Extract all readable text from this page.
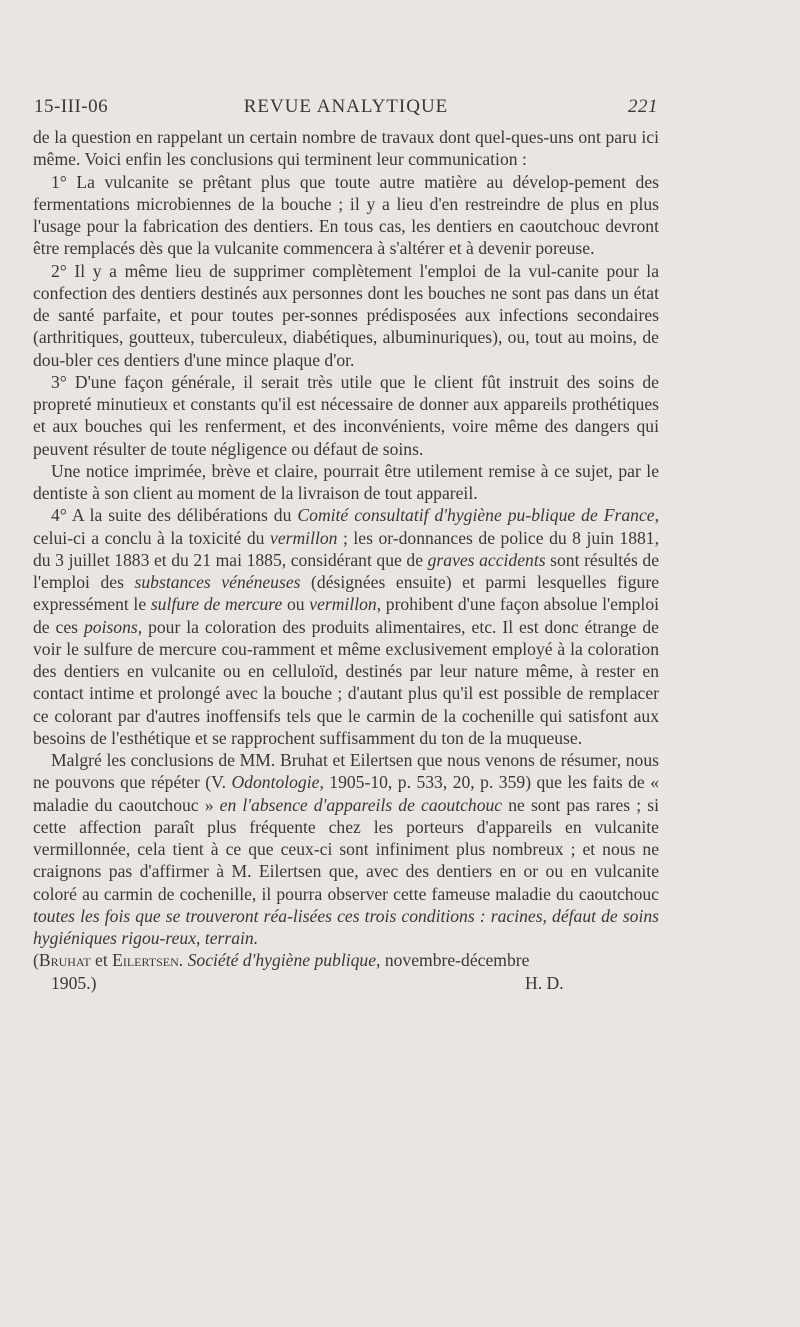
15-III-06	REVUE ANALYTIQUE	221

de la question en rappelant un certain nombre de travaux dont quel-ques-uns ont paru ici même. Voici enfin les conclusions qui terminent leur communication :

1° La vulcanite se prêtant plus que toute autre matière au dévelop-pement des fermentations microbiennes de la bouche ; il y a lieu d'en restreindre de plus en plus l'usage pour la fabrication des dentiers. En tous cas, les dentiers en caoutchouc devront être remplacés dès que la vulcanite commencera à s'altérer et à devenir poreuse.

2° Il y a même lieu de supprimer complètement l'emploi de la vul-canite pour la confection des dentiers destinés aux personnes dont les bouches ne sont pas dans un état de santé parfaite, et pour toutes per-sonnes prédisposées aux infections secondaires (arthritiques, goutteux, tuberculeux, diabétiques, albuminuriques), ou, tout au moins, de dou-bler ces dentiers d'une mince plaque d'or.

3° D'une façon générale, il serait très utile que le client fût instruit des soins de propreté minutieux et constants qu'il est nécessaire de donner aux appareils prothétiques et aux bouches qui les renferment, et des inconvénients, voire même des dangers qui peuvent résulter de toute négligence ou défaut de soins.

Une notice imprimée, brève et claire, pourrait être utilement remise à ce sujet, par le dentiste à son client au moment de la livraison de tout appareil.

4° A la suite des délibérations du Comité consultatif d'hygiène pu-blique de France, celui-ci a conclu à la toxicité du vermillon ; les or-donnances de police du 8 juin 1881, du 3 juillet 1883 et du 21 mai 1885, considérant que de graves accidents sont résultés de l'emploi des substances vénéneuses (désignées ensuite) et parmi lesquelles figure expressément le sulfure de mercure ou vermillon, prohibent d'une façon absolue l'emploi de ces poisons, pour la coloration des produits alimentaires, etc. Il est donc étrange de voir le sulfure de mercure cou-ramment et même exclusivement employé à la coloration des dentiers en vulcanite ou en celluloïd, destinés par leur nature même, à rester en contact intime et prolongé avec la bouche ; d'autant plus qu'il est possible de remplacer ce colorant par d'autres inoffensifs tels que le carmin de la cochenille qui satisfont aux besoins de l'esthétique et se rapprochent suffisamment du ton de la muqueuse.

Malgré les conclusions de MM. Bruhat et Eilertsen que nous venons de résumer, nous ne pouvons que répéter (V. Odontologie, 1905-10, p. 533, 20, p. 359) que les faits de « maladie du caoutchouc » en l'absence d'appareils de caoutchouc ne sont pas rares ; si cette affection paraît plus fréquente chez les porteurs d'appareils en vulcanite vermillonnée, cela tient à ce que ceux-ci sont infiniment plus nombreux ; et nous ne craignons pas d'affirmer à M. Eilertsen que, avec des dentiers en or ou en vulcanite coloré au carmin de cochenille, il pourra observer cette fameuse maladie du caoutchouc toutes les fois que se trouveront réa-lisées ces trois conditions : racines, défaut de soins hygiéniques rigou-reux, terrain.

(Bruhat et Eilertsen. Société d'hygiène publique, novembre-décembre

1905.)	H. D.
